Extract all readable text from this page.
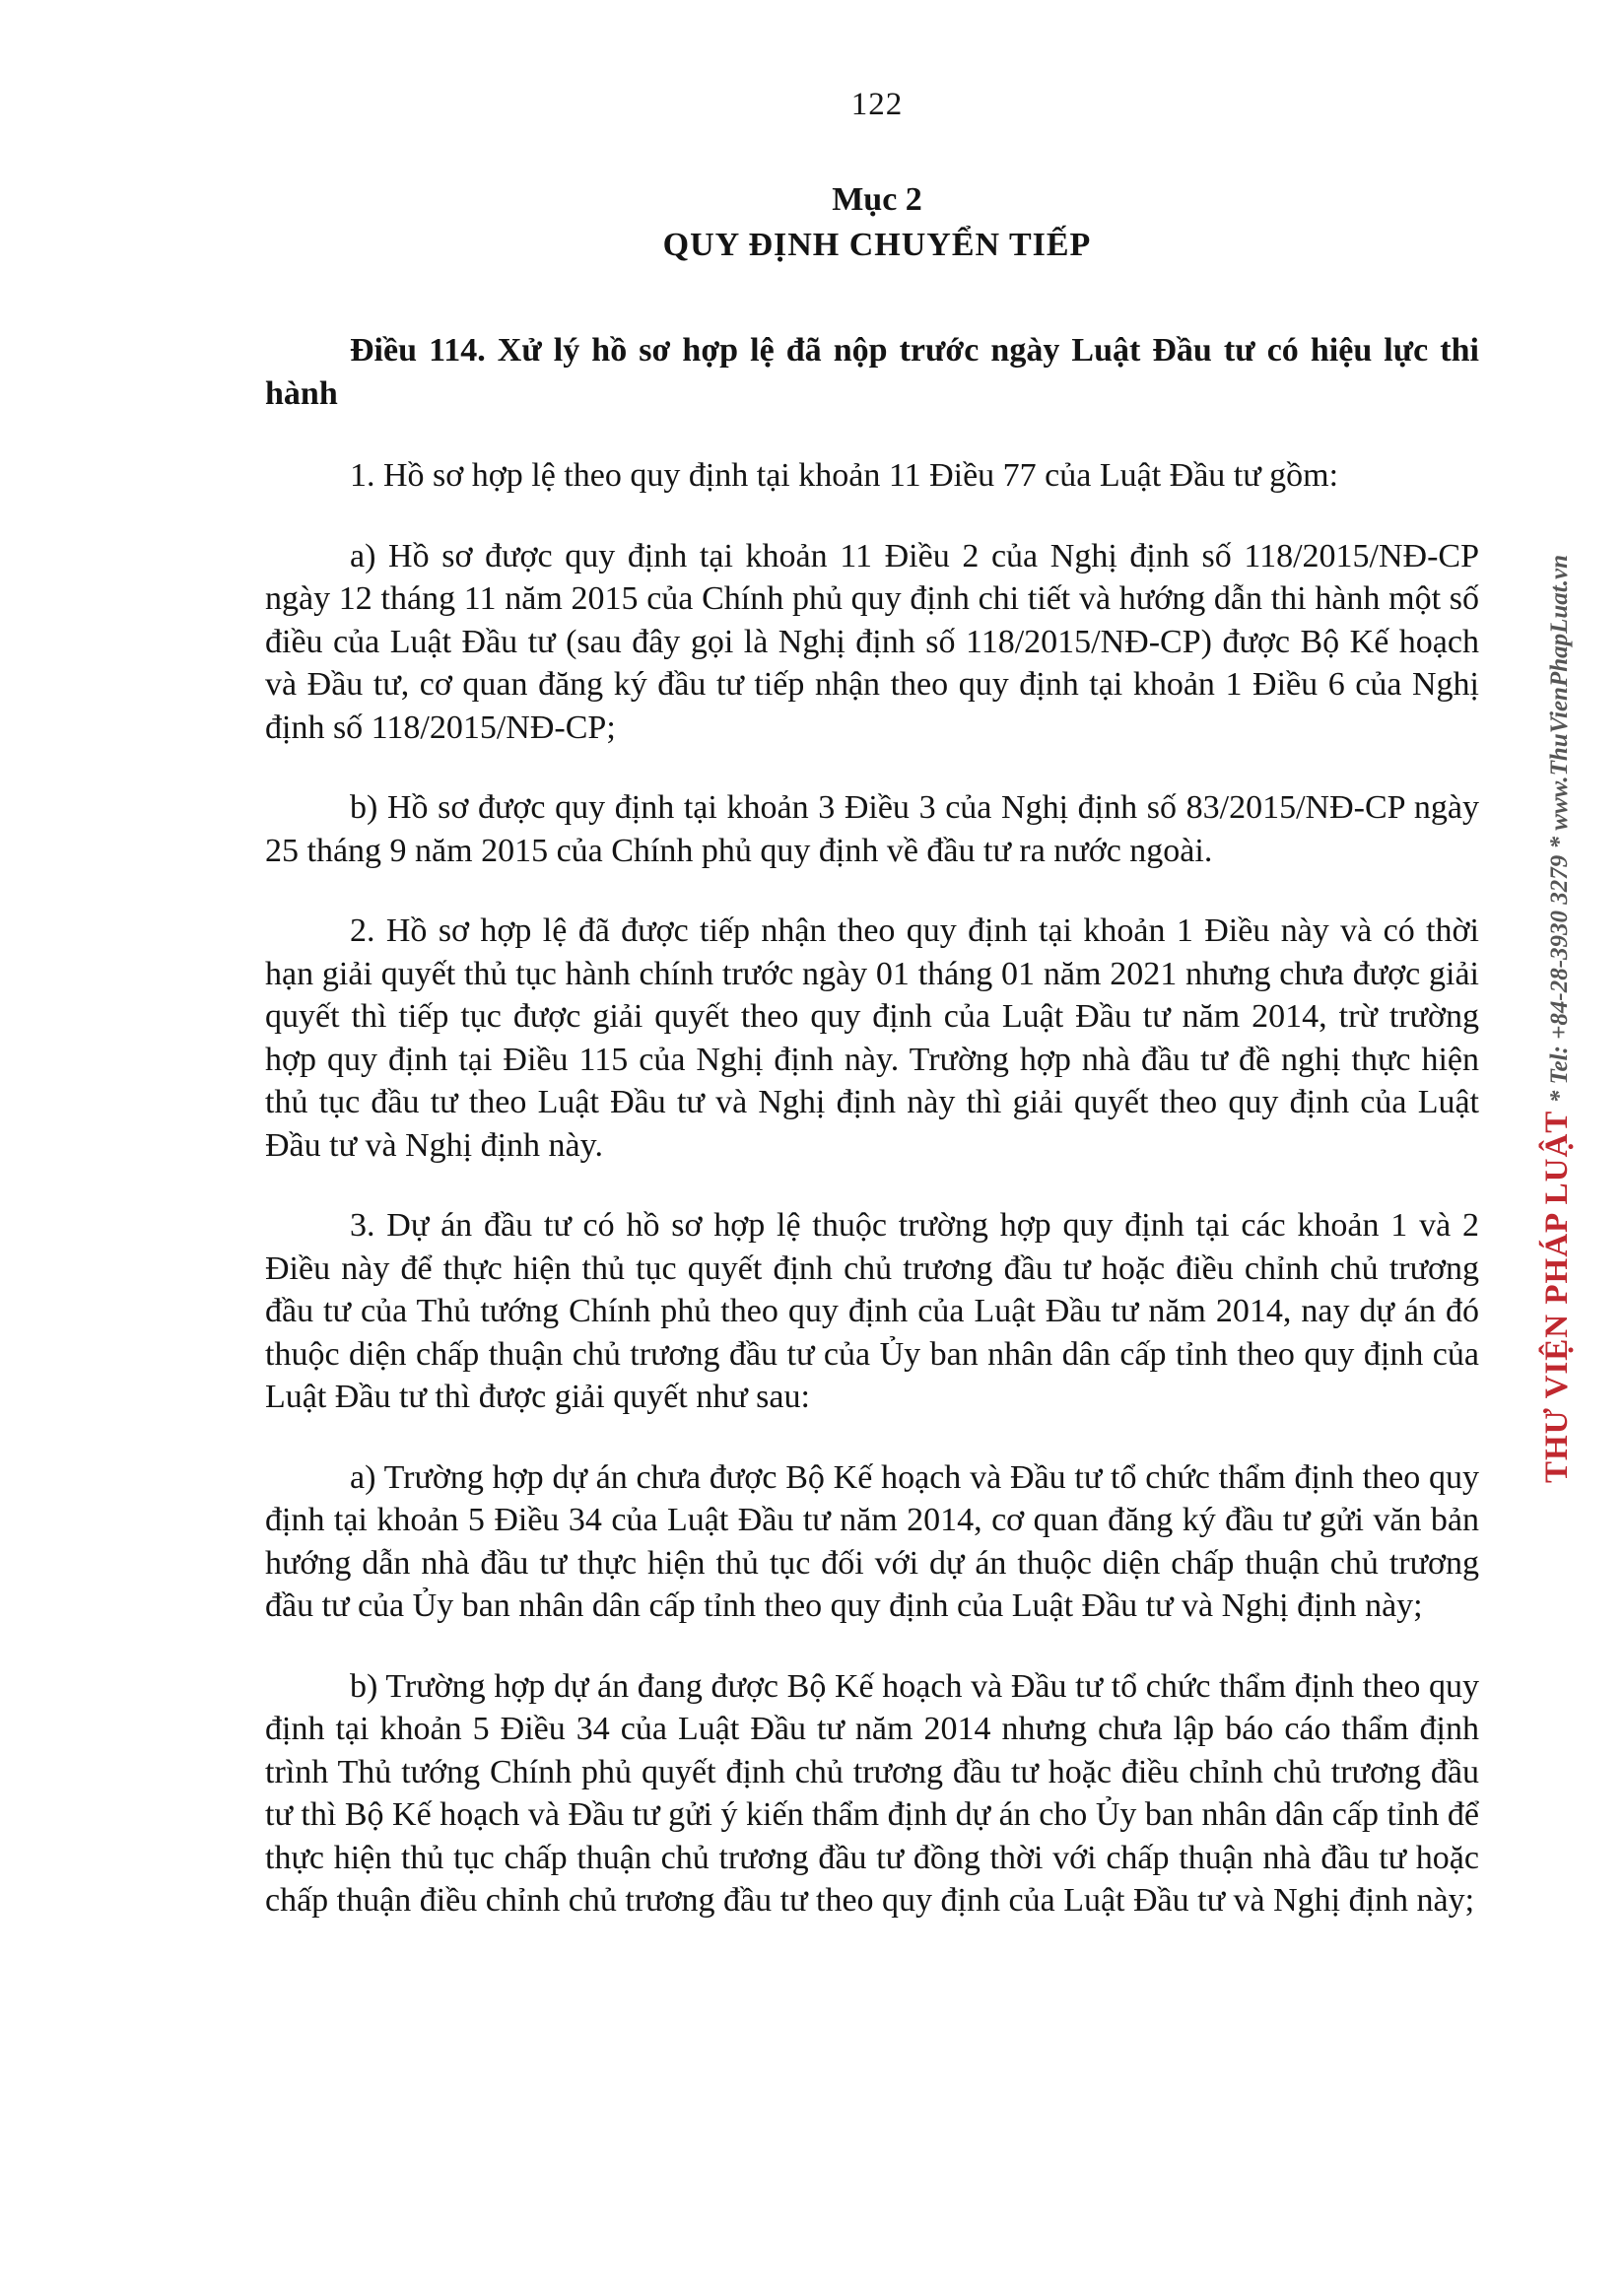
122
Mục 2
QUY ĐỊNH CHUYỂN TIẾP

Điều 114. Xử lý hồ sơ hợp lệ đã nộp trước ngày Luật Đầu tư có hiệu lực thi hành

1. Hồ sơ hợp lệ theo quy định tại khoản 11 Điều 77 của Luật Đầu tư gồm:

a) Hồ sơ được quy định tại khoản 11 Điều 2 của Nghị định số 118/2015/NĐ-CP ngày 12 tháng 11 năm 2015 của Chính phủ quy định chi tiết và hướng dẫn thi hành một số điều của Luật Đầu tư (sau đây gọi là Nghị định số 118/2015/NĐ-CP) được Bộ Kế hoạch và Đầu tư, cơ quan đăng ký đầu tư tiếp nhận theo quy định tại khoản 1 Điều 6 của Nghị định số 118/2015/NĐ-CP;

b) Hồ sơ được quy định tại khoản 3 Điều 3 của Nghị định số 83/2015/NĐ-CP ngày 25 tháng 9 năm 2015 của Chính phủ quy định về đầu tư ra nước ngoài.

2. Hồ sơ hợp lệ đã được tiếp nhận theo quy định tại khoản 1 Điều này và có thời hạn giải quyết thủ tục hành chính trước ngày 01 tháng 01 năm 2021 nhưng chưa được giải quyết thì tiếp tục được giải quyết theo quy định của Luật Đầu tư năm 2014, trừ trường hợp quy định tại Điều 115 của Nghị định này. Trường hợp nhà đầu tư đề nghị thực hiện thủ tục đầu tư theo Luật Đầu tư và Nghị định này thì giải quyết theo quy định của Luật Đầu tư và Nghị định này.

3. Dự án đầu tư có hồ sơ hợp lệ thuộc trường hợp quy định tại các khoản 1 và 2 Điều này để thực hiện thủ tục quyết định chủ trương đầu tư hoặc điều chỉnh chủ trương đầu tư của Thủ tướng Chính phủ theo quy định của Luật Đầu tư năm 2014, nay dự án đó thuộc diện chấp thuận chủ trương đầu tư của Ủy ban nhân dân cấp tỉnh theo quy định của Luật Đầu tư thì được giải quyết như sau:

a) Trường hợp dự án chưa được Bộ Kế hoạch và Đầu tư tổ chức thẩm định theo quy định tại khoản 5 Điều 34 của Luật Đầu tư năm 2014, cơ quan đăng ký đầu tư gửi văn bản hướng dẫn nhà đầu tư thực hiện thủ tục đối với dự án thuộc diện chấp thuận chủ trương đầu tư của Ủy ban nhân dân cấp tỉnh theo quy định của Luật Đầu tư và Nghị định này;

b) Trường hợp dự án đang được Bộ Kế hoạch và Đầu tư tổ chức thẩm định theo quy định tại khoản 5 Điều 34 của Luật Đầu tư năm 2014 nhưng chưa lập báo cáo thẩm định trình Thủ tướng Chính phủ quyết định chủ trương đầu tư hoặc điều chỉnh chủ trương đầu tư thì Bộ Kế hoạch và Đầu tư gửi ý kiến thẩm định dự án cho Ủy ban nhân dân cấp tỉnh để thực hiện thủ tục chấp thuận chủ trương đầu tư đồng thời với chấp thuận nhà đầu tư hoặc chấp thuận điều chỉnh chủ trương đầu tư theo quy định của Luật Đầu tư và Nghị định này;

THƯ VIỆN PHÁP LUẬT * Tel: +84-28-3930 3279 * www.ThuVienPhapLuat.vn
